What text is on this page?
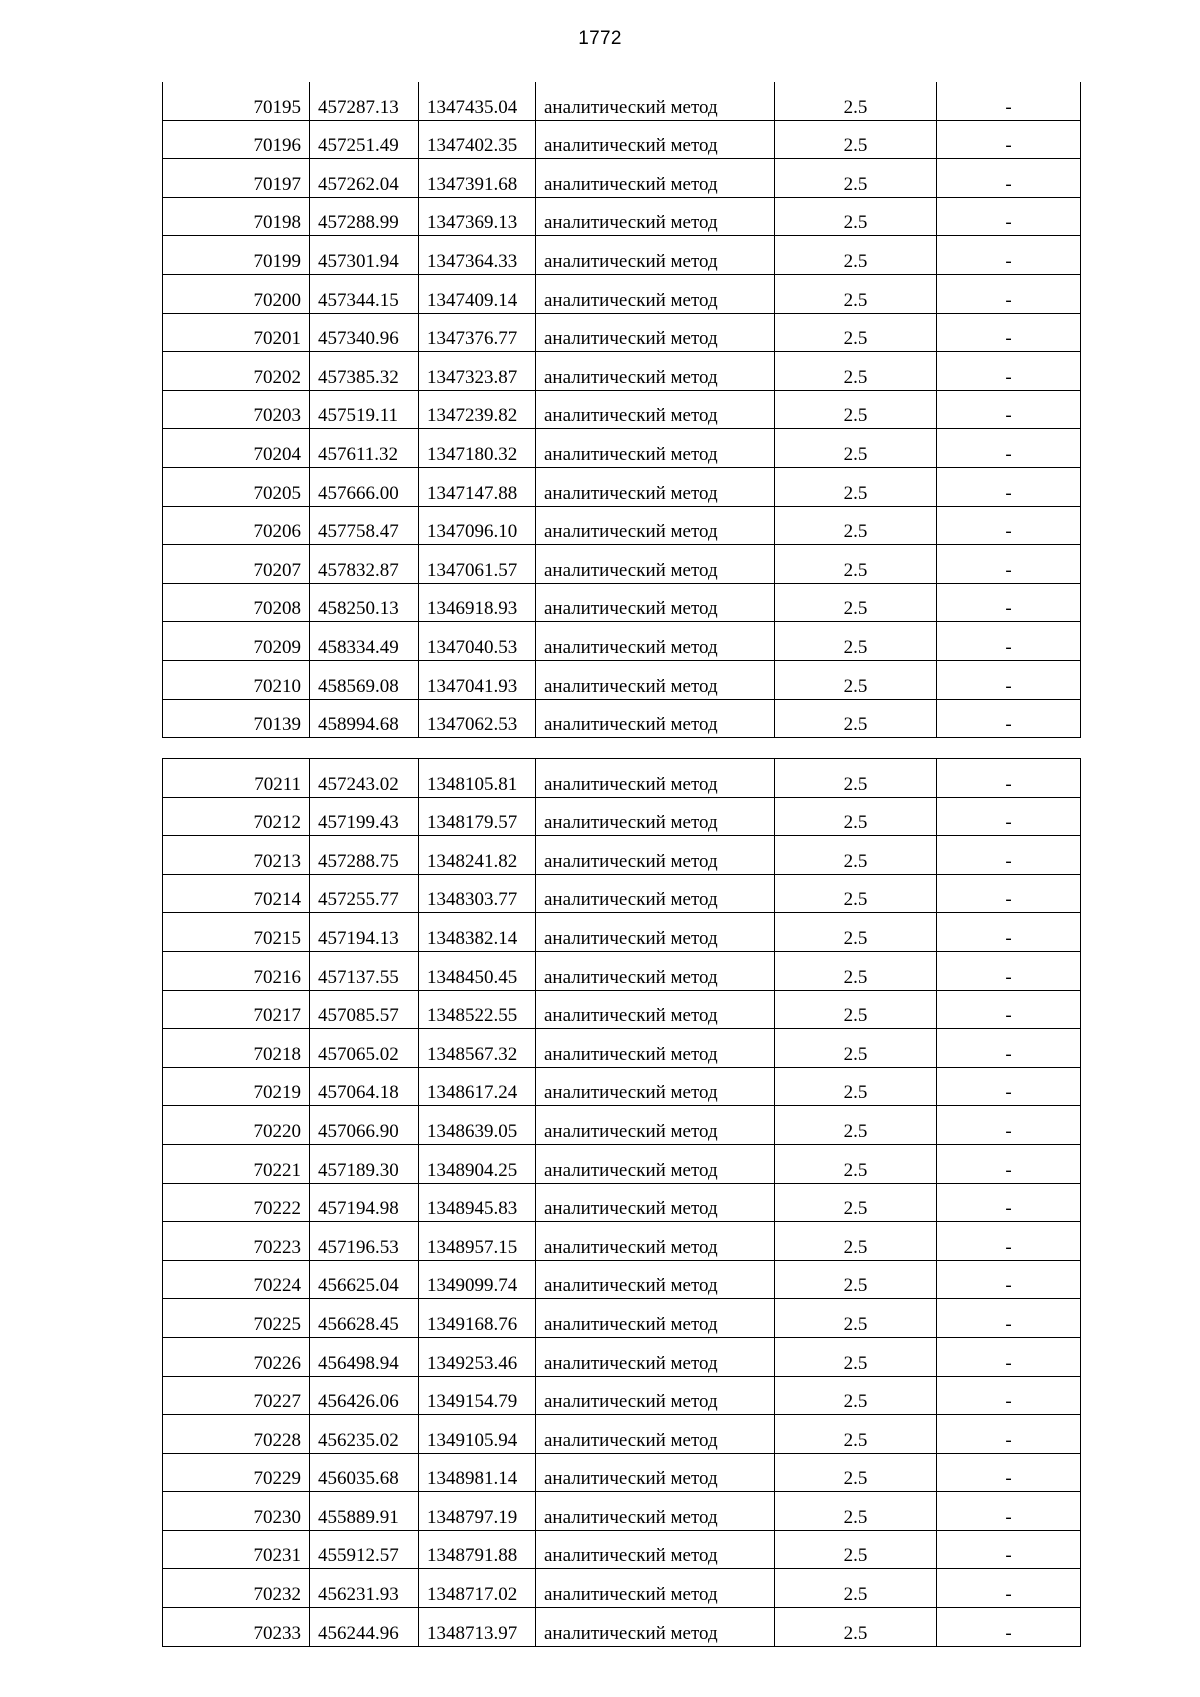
1772
70195	457287.13	1347435.04	аналитический метод	2.5	-
70196	457251.49	1347402.35	аналитический метод	2.5	-
70197	457262.04	1347391.68	аналитический метод	2.5	-
70198	457288.99	1347369.13	аналитический метод	2.5	-
70199	457301.94	1347364.33	аналитический метод	2.5	-
70200	457344.15	1347409.14	аналитический метод	2.5	-
70201	457340.96	1347376.77	аналитический метод	2.5	-
70202	457385.32	1347323.87	аналитический метод	2.5	-
70203	457519.11	1347239.82	аналитический метод	2.5	-
70204	457611.32	1347180.32	аналитический метод	2.5	-
70205	457666.00	1347147.88	аналитический метод	2.5	-
70206	457758.47	1347096.10	аналитический метод	2.5	-
70207	457832.87	1347061.57	аналитический метод	2.5	-
70208	458250.13	1346918.93	аналитический метод	2.5	-
70209	458334.49	1347040.53	аналитический метод	2.5	-
70210	458569.08	1347041.93	аналитический метод	2.5	-
70139	458994.68	1347062.53	аналитический метод	2.5	-
70211	457243.02	1348105.81	аналитический метод	2.5	-
70212	457199.43	1348179.57	аналитический метод	2.5	-
70213	457288.75	1348241.82	аналитический метод	2.5	-
70214	457255.77	1348303.77	аналитический метод	2.5	-
70215	457194.13	1348382.14	аналитический метод	2.5	-
70216	457137.55	1348450.45	аналитический метод	2.5	-
70217	457085.57	1348522.55	аналитический метод	2.5	-
70218	457065.02	1348567.32	аналитический метод	2.5	-
70219	457064.18	1348617.24	аналитический метод	2.5	-
70220	457066.90	1348639.05	аналитический метод	2.5	-
70221	457189.30	1348904.25	аналитический метод	2.5	-
70222	457194.98	1348945.83	аналитический метод	2.5	-
70223	457196.53	1348957.15	аналитический метод	2.5	-
70224	456625.04	1349099.74	аналитический метод	2.5	-
70225	456628.45	1349168.76	аналитический метод	2.5	-
70226	456498.94	1349253.46	аналитический метод	2.5	-
70227	456426.06	1349154.79	аналитический метод	2.5	-
70228	456235.02	1349105.94	аналитический метод	2.5	-
70229	456035.68	1348981.14	аналитический метод	2.5	-
70230	455889.91	1348797.19	аналитический метод	2.5	-
70231	455912.57	1348791.88	аналитический метод	2.5	-
70232	456231.93	1348717.02	аналитический метод	2.5	-
70233	456244.96	1348713.97	аналитический метод	2.5	-
